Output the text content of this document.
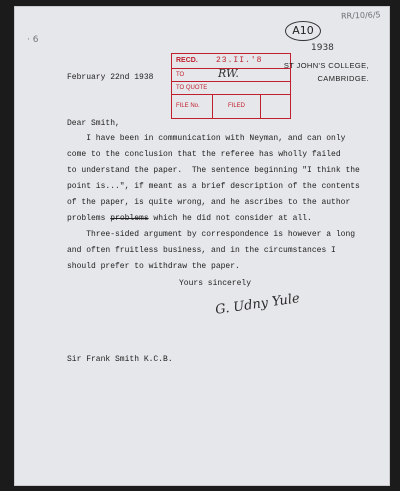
· 6
RR/10/6/5
A10
1938
RECD. 23.II.'8
TO	RW.
TO QUOTE
FILE No.	FILED
ST JOHN'S COLLEGE,
CAMBRIDGE.
February 22nd 1938
Dear Smith,

I have been in communication with Neyman, and can only
come to the conclusion that the referee has wholly failed
to understand the paper.  The sentence beginning "I think the
point is...", if meant as a brief description of the contents
of the paper, is quite wrong, and he ascribes to the author
problems problems which he did not consider at all.

Three-sided argument by correspondence is however a long
and often fruitless business, and in the circumstances I
should prefer to withdraw the paper.

Yours sincerely
G. Udny Yule
Sir Frank Smith K.C.B.
